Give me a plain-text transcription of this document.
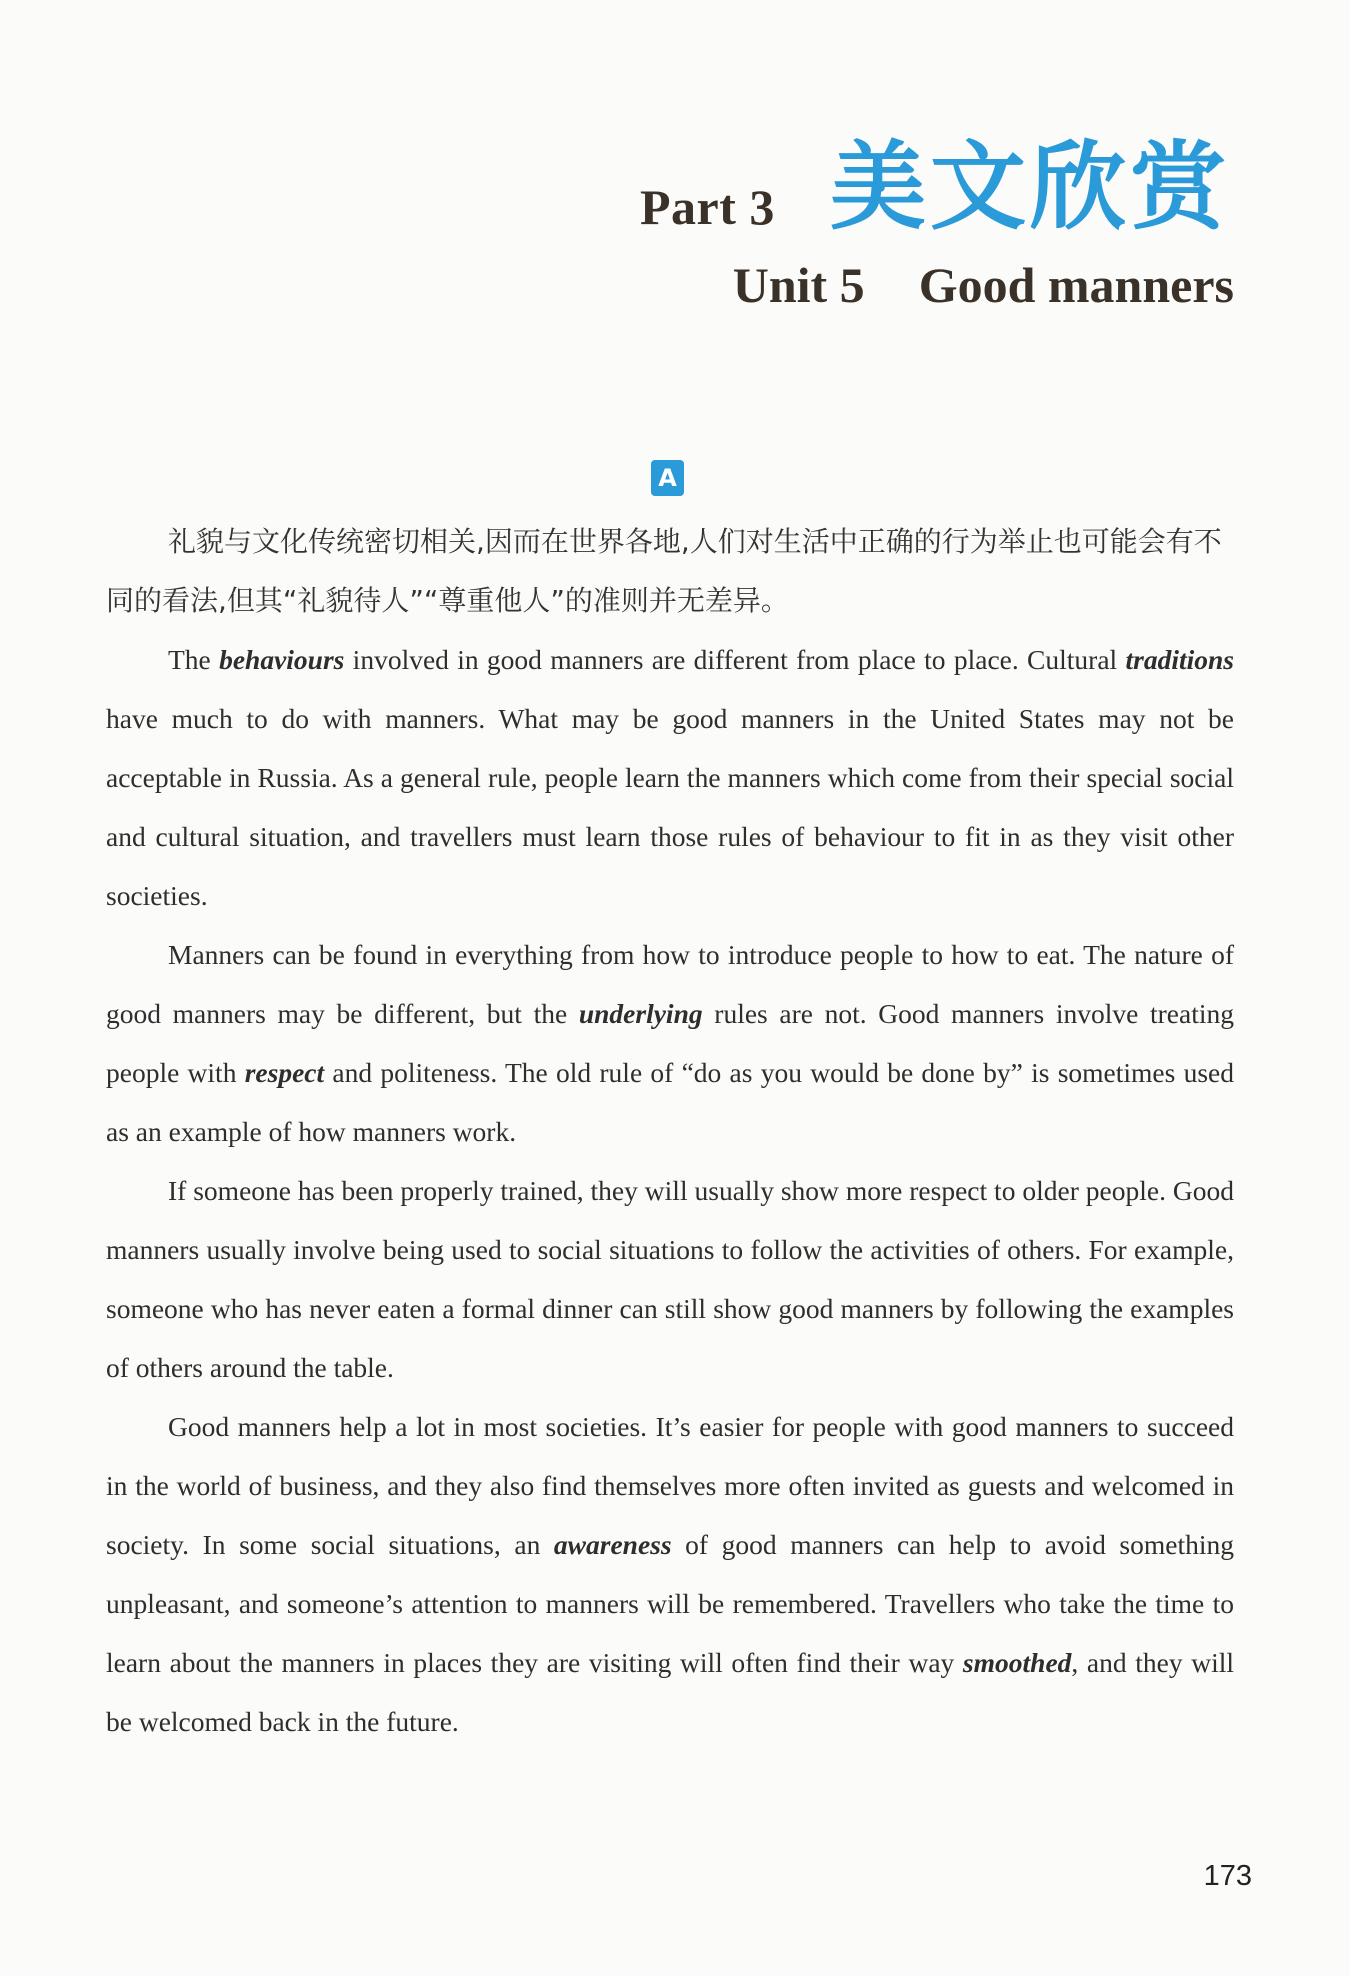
Part 3 美文欣赏
Unit 5 Good manners
A

礼貌与文化传统密切相关,因而在世界各地,人们对生活中正确的行为举止也可能会有不同的看法,但其“礼貌待人”“尊重他人”的准则并无差异。

The behaviours involved in good manners are different from place to place. Cultural traditions have much to do with manners. What may be good manners in the United States may not be acceptable in Russia. As a general rule, people learn the manners which come from their special social and cultural situation, and travellers must learn those rules of behaviour to fit in as they visit other societies.

Manners can be found in everything from how to introduce people to how to eat. The nature of good manners may be different, but the underlying rules are not. Good manners involve treating people with respect and politeness. The old rule of “do as you would be done by” is sometimes used as an example of how manners work.

If someone has been properly trained, they will usually show more respect to older people. Good manners usually involve being used to social situations to follow the activities of others. For example, someone who has never eaten a formal dinner can still show good manners by following the examples of others around the table.

Good manners help a lot in most societies. It’s easier for people with good manners to succeed in the world of business, and they also find themselves more often invited as guests and welcomed in society. In some social situations, an awareness of good manners can help to avoid something unpleasant, and someone’s attention to manners will be remembered. Travellers who take the time to learn about the manners in places they are visiting will often find their way smoothed, and they will be welcomed back in the future.

173
